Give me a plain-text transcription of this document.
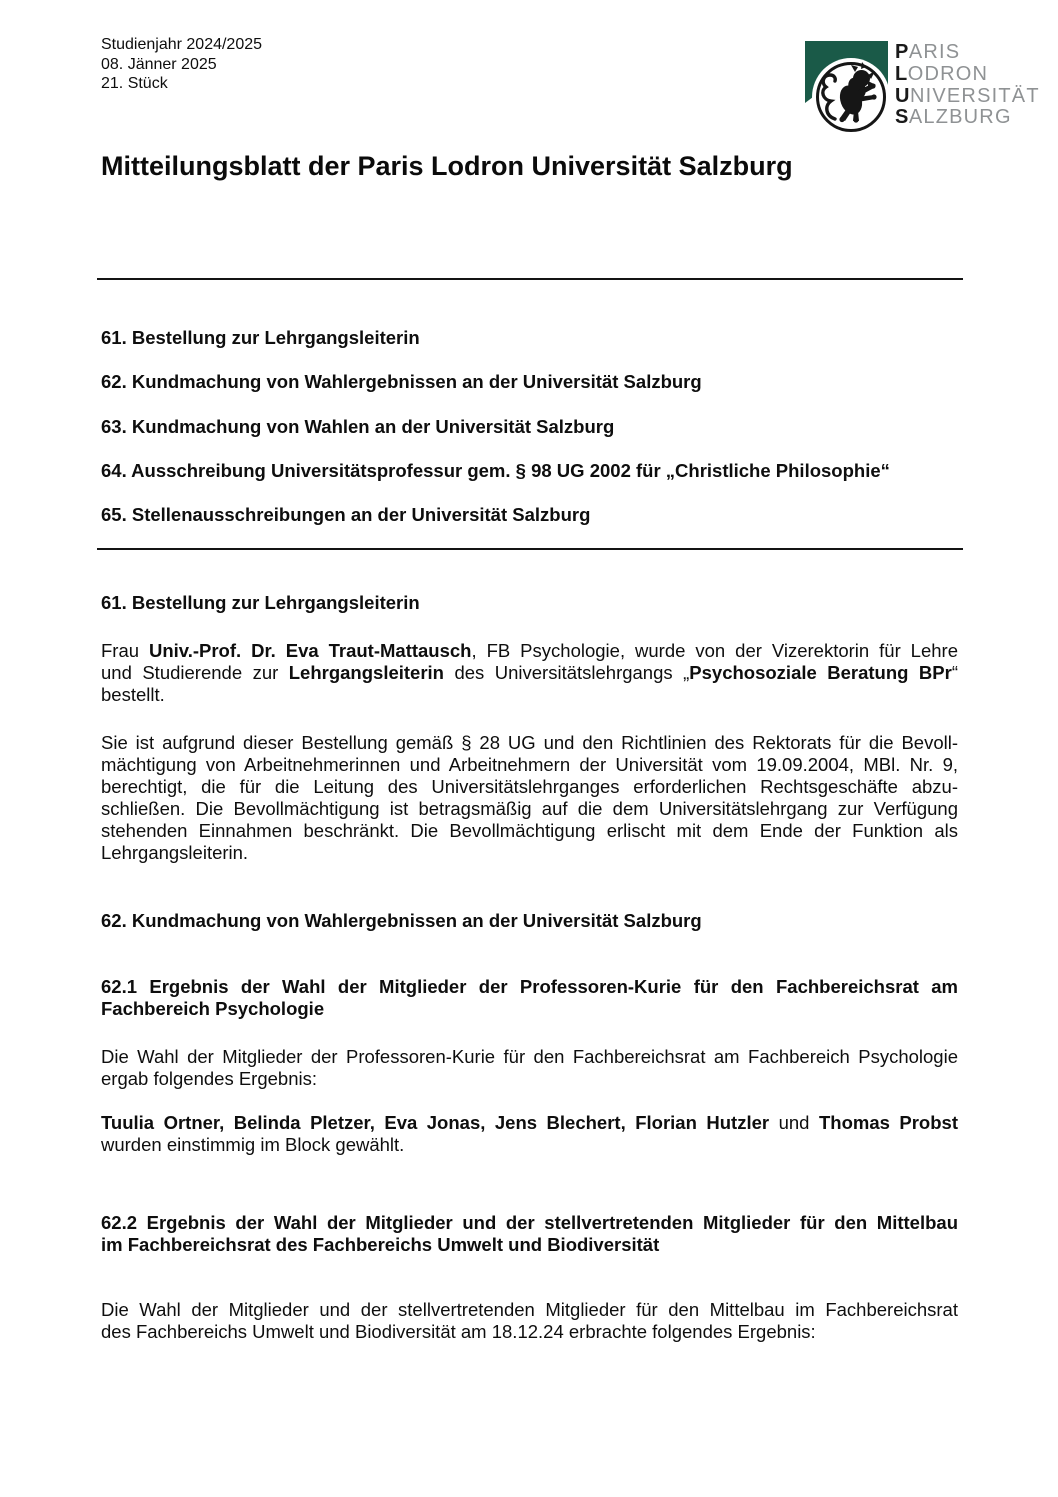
Studienjahr 2024/2025
08. Jänner 2025
21. Stück
PARIS
LODRON
UNIVERSITÄT
SALZBURG
Mitteilungsblatt der Paris Lodron Universität Salzburg
61. Bestellung zur Lehrgangsleiterin
62. Kundmachung von Wahlergebnissen an der Universität Salzburg
63. Kundmachung von Wahlen an der Universität Salzburg
64. Ausschreibung Universitätsprofessur gem. § 98 UG 2002 für „Christliche Philosophie“
65. Stellenausschreibungen an der Universität Salzburg
61. Bestellung zur Lehrgangsleiterin
Frau Univ.-Prof. Dr. Eva Traut-Mattausch, FB Psychologie, wurde von der Vizerektorin für Lehre
und Studierende zur Lehrgangsleiterin des Universitätslehrgangs „Psychosoziale Beratung BPr“
bestellt.
Sie ist aufgrund dieser Bestellung gemäß § 28 UG und den Richtlinien des Rektorats für die Bevoll-
mächtigung von Arbeitnehmerinnen und Arbeitnehmern der Universität vom 19.09.2004, MBl. Nr. 9,
berechtigt, die für die Leitung des Universitätslehrganges erforderlichen Rechtsgeschäfte abzu-
schließen. Die Bevollmächtigung ist betragsmäßig auf die dem Universitätslehrgang zur Verfügung
stehenden Einnahmen beschränkt. Die Bevollmächtigung erlischt mit dem Ende der Funktion als
Lehrgangsleiterin.
62. Kundmachung von Wahlergebnissen an der Universität Salzburg
62.1 Ergebnis der Wahl der Mitglieder der Professoren-Kurie für den Fachbereichsrat am
Fachbereich Psychologie
Die Wahl der Mitglieder der Professoren-Kurie für den Fachbereichsrat am Fachbereich Psychologie
ergab folgendes Ergebnis:
Tuulia Ortner, Belinda Pletzer, Eva Jonas, Jens Blechert, Florian Hutzler und Thomas Probst
wurden einstimmig im Block gewählt.
62.2 Ergebnis der Wahl der Mitglieder und der stellvertretenden Mitglieder für den Mittelbau
im Fachbereichsrat des Fachbereichs Umwelt und Biodiversität
Die Wahl der Mitglieder und der stellvertretenden Mitglieder für den Mittelbau im Fachbereichsrat
des Fachbereichs Umwelt und Biodiversität am 18.12.24 erbrachte folgendes Ergebnis:
